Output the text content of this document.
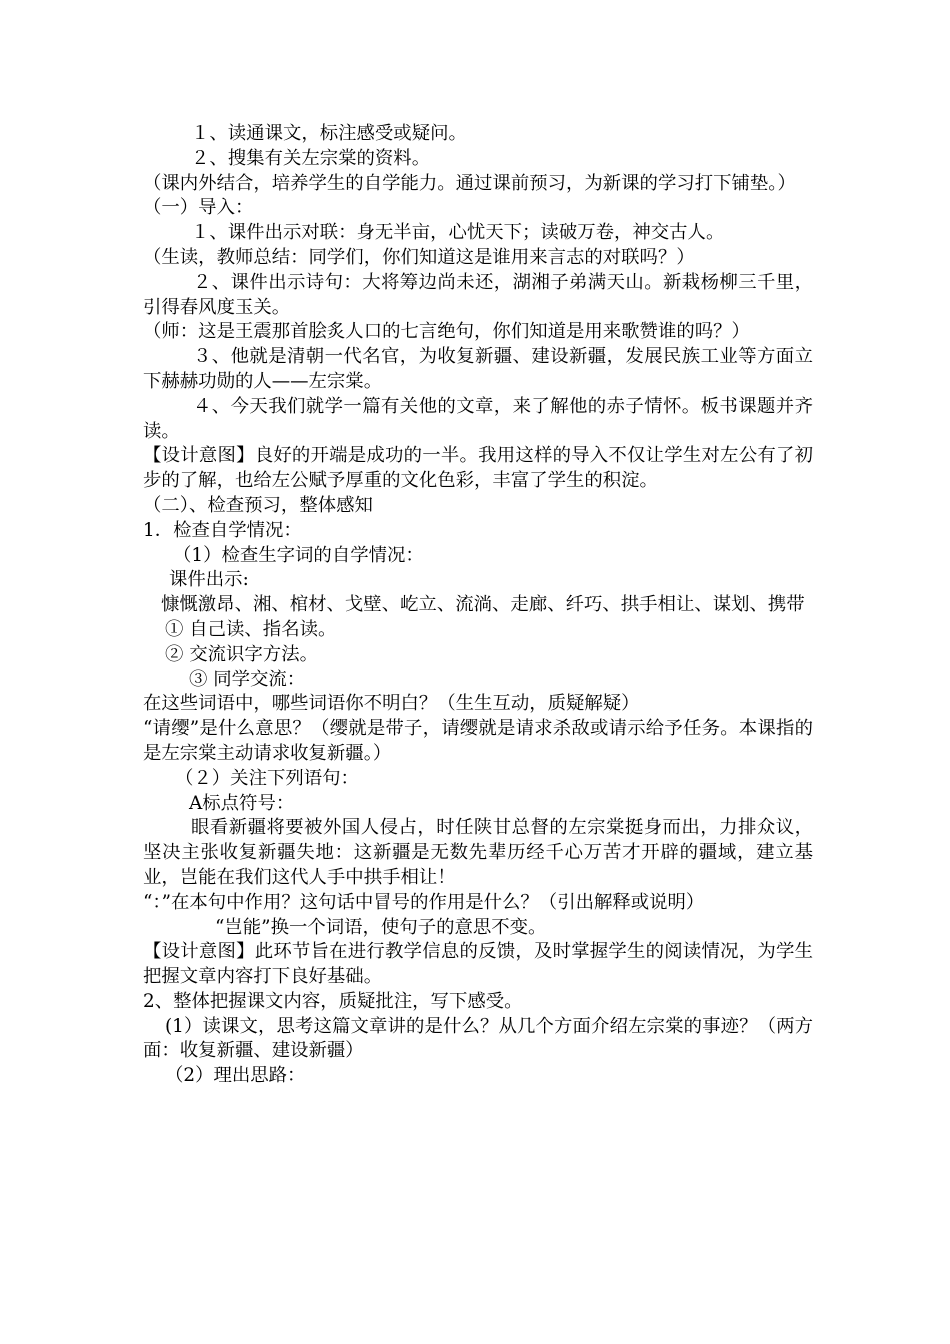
１、读通课文，标注感受或疑问。

２、搜集有关左宗棠的资料。

（课内外结合，培养学生的自学能力。通过课前预习，为新课的学习打下铺垫。）

（一）导入：

１、课件出示对联：身无半亩，心忧天下；读破万卷，神交古人。

（生读，教师总结：同学们，你们知道这是谁用来言志的对联吗？）

２、课件出示诗句：大将筹边尚未还，湖湘子弟满天山。新栽杨柳三千里，引得春风度玉关。

（师：这是王震那首脍炙人口的七言绝句，你们知道是用来歌赞谁的吗？）

３、他就是清朝一代名官，为收复新疆、建设新疆，发展民族工业等方面立下赫赫功勋的人——左宗棠。

４、今天我们就学一篇有关他的文章，来了解他的赤子情怀。板书课题并齐读。

【设计意图】良好的开端是成功的一半。我用这样的导入不仅让学生对左公有了初步的了解，也给左公赋予厚重的文化色彩，丰富了学生的积淀。

（二）、检查预习，整体感知

1．检查自学情况：

（1）检查生字词的自学情况：

课件出示:

慷慨激昂、湘、棺材、戈壁、屹立、流淌、走廊、纤巧、拱手相让、谋划、携带

① 自己读、指名读。

② 交流识字方法。

③ 同学交流：

在这些词语中，哪些词语你不明白？（生生互动，质疑解疑）

“请缨”是什么意思？（缨就是带子，请缨就是请求杀敌或请示给予任务。本课指的是左宗棠主动请求收复新疆。）

（２）关注下列语句：

A标点符号：

眼看新疆将要被外国人侵占，时任陕甘总督的左宗棠挺身而出，力排众议，坚决主张收复新疆失地：这新疆是无数先辈历经千心万苦才开辟的疆域，建立基业，岂能在我们这代人手中拱手相让！

“：”在本句中作用？这句话中冒号的作用是什么？（引出解释或说明）

“岂能”换一个词语，使句子的意思不变。

【设计意图】此环节旨在进行教学信息的反馈，及时掌握学生的阅读情况，为学生把握文章内容打下良好基础。

2、整体把握课文内容，质疑批注，写下感受。

(1）读课文，思考这篇文章讲的是什么？从几个方面介绍左宗棠的事迹？（两方面：收复新疆、建设新疆）

（2）理出思路：
